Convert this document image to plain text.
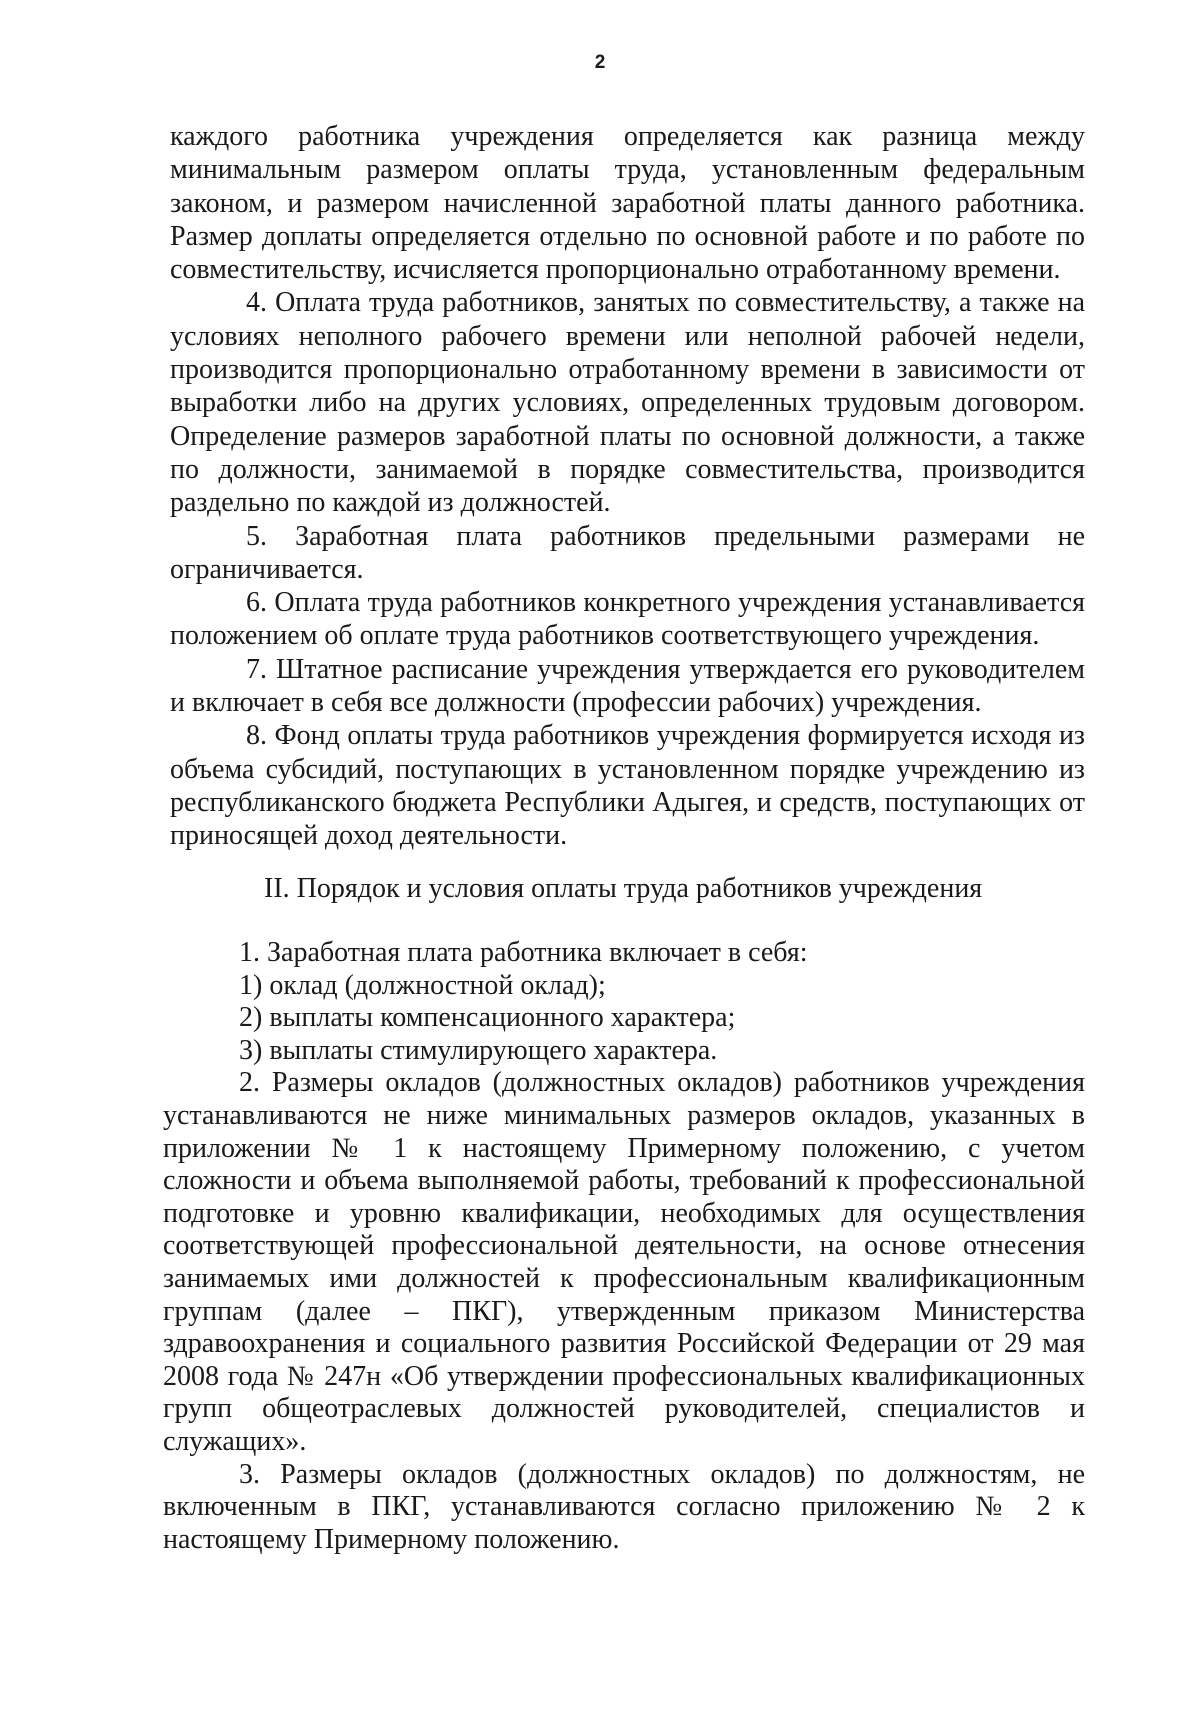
2

каждого работника учреждения определяется как разница между минимальным размером оплаты труда, установленным федеральным законом, и размером начисленной заработной платы данного работника. Размер доплаты определяется отдельно по основной работе и по работе по совместительству, исчисляется пропорционально отработанному времени.

4. Оплата труда работников, занятых по совместительству, а также на условиях неполного рабочего времени или неполной рабочей недели, производится пропорционально отработанному времени в зависимости от выработки либо на других условиях, определенных трудовым договором. Определение размеров заработной платы по основной должности, а также по должности, занимаемой в порядке совместительства, производится раздельно по каждой из должностей.

5. Заработная плата работников предельными размерами не ограничивается.

6. Оплата труда работников конкретного учреждения устанавливается положением об оплате труда работников соответствующего учреждения.

7. Штатное расписание учреждения утверждается его руководителем и включает в себя все должности (профессии рабочих) учреждения.

8. Фонд оплаты труда работников учреждения формируется исходя из объема субсидий, поступающих в установленном порядке учреждению из республиканского бюджета Республики Адыгея, и средств, поступающих от приносящей доход деятельности.

II. Порядок и условия оплаты труда работников учреждения

1. Заработная плата работника включает в себя:

1) оклад (должностной оклад);

2) выплаты компенсационного характера;

3) выплаты стимулирующего характера.

2. Размеры окладов (должностных окладов) работников учреждения устанавливаются не ниже минимальных размеров окладов, указанных в приложении № 1 к настоящему Примерному положению, с учетом сложности и объема выполняемой работы, требований к профессиональной подготовке и уровню квалификации, необходимых для осуществления соответствующей профессиональной деятельности, на основе отнесения занимаемых ими должностей к профессиональным квалификационным группам (далее – ПКГ), утвержденным приказом Министерства здравоохранения и социального развития Российской Федерации от 29 мая 2008 года № 247н «Об утверждении профессиональных квалификационных групп общеотраслевых должностей руководителей, специалистов и служащих».

3. Размеры окладов (должностных окладов) по должностям, не включенным в ПКГ, устанавливаются согласно приложению № 2 к настоящему Примерному положению.
